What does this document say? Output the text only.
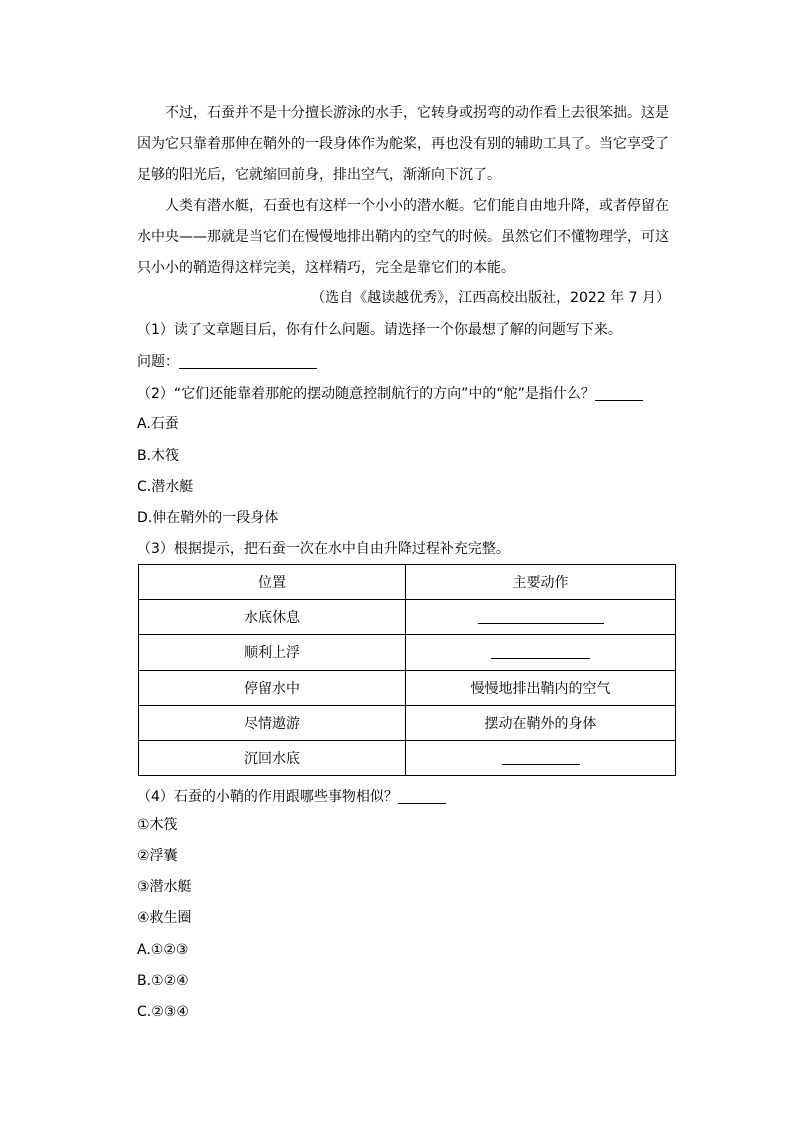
不过，石蚕并不是十分擅长游泳的水手，它转身或拐弯的动作看上去很笨拙。这是因为它只靠着那伸在鞘外的一段身体作为舵桨，再也没有别的辅助工具了。当它享受了足够的阳光后，它就缩回前身，排出空气，渐渐向下沉了。

人类有潜水艇，石蚕也有这样一个小小的潜水艇。它们能自由地升降，或者停留在水中央——那就是当它们在慢慢地排出鞘内的空气的时候。虽然它们不懂物理学，可这只小小的鞘造得这样完美，这样精巧，完全是靠它们的本能。

（选自《越读越优秀》，江西高校出版社，2022 年 7 月）
（1）读了文章题目后，你有什么问题。请选择一个你最想了解的问题写下来。
问题：
（2）“它们还能靠着那舵的摆动随意控制航行的方向”中的“舵”是指什么？
A.石蚕
B.木筏
C.潜水艇
D.伸在鞘外的一段身体
（3）根据提示，把石蚕一次在水中自由升降过程补充完整。
位置	主要动作
水底休息	
顺利上浮	
停留水中	慢慢地排出鞘内的空气
尽情遨游	摆动在鞘外的身体
沉回水底	
（4）石蚕的小鞘的作用跟哪些事物相似？
①木筏
②浮囊
③潜水艇
④救生圈
A.①②③
B.①②④
C.②③④
